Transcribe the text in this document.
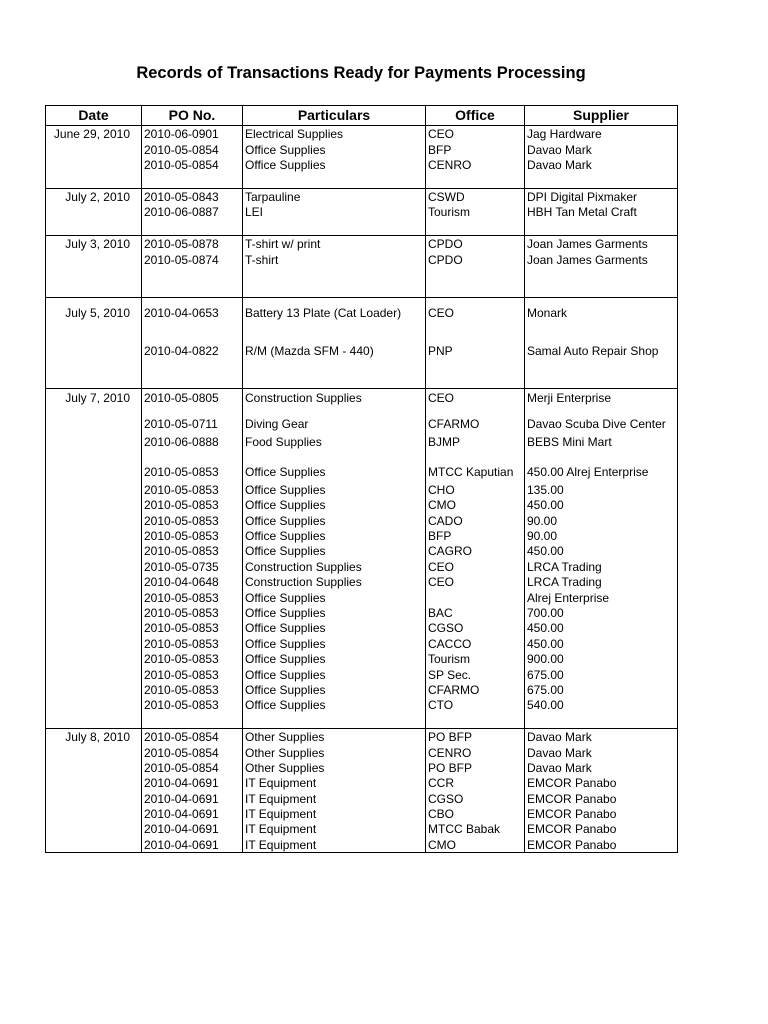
Records of Transactions Ready for Payments Processing
Date	PO No.	Particulars	Office	Supplier
June 29, 2010	2010-06-0901	Electrical Supplies	CEO	Jag Hardware
	2010-05-0854	Office Supplies	BFP	Davao Mark
	2010-05-0854	Office Supplies	CENRO	Davao Mark

July 2, 2010	2010-05-0843	Tarpauline	CSWD	DPI Digital Pixmaker
	2010-06-0887	LEI	Tourism	HBH Tan Metal Craft

July 3, 2010	2010-05-0878	T-shirt w/ print	CPDO	Joan James Garments
	2010-05-0874	T-shirt	CPDO	Joan James Garments

July 5, 2010	2010-04-0653	Battery 13 Plate (Cat Loader)	CEO	Monark

	2010-04-0822	R/M (Mazda SFM - 440)	PNP	Samal Auto Repair Shop

July 7, 2010	2010-05-0805	Construction Supplies	CEO	Merji Enterprise
	2010-05-0711	Diving Gear	CFARMO	Davao Scuba Dive Center
	2010-06-0888	Food Supplies	BJMP	BEBS Mini Mart
	2010-05-0853	Office Supplies	MTCC Kaputian	450.00 Alrej Enterprise
	2010-05-0853	Office Supplies	CHO	135.00
	2010-05-0853	Office Supplies	CMO	450.00
	2010-05-0853	Office Supplies	CADO	90.00
	2010-05-0853	Office Supplies	BFP	90.00
	2010-05-0853	Office Supplies	CAGRO	450.00
	2010-05-0735	Construction Supplies	CEO	LRCA Trading
	2010-04-0648	Construction Supplies	CEO	LRCA Trading
	2010-05-0853	Office Supplies		Alrej Enterprise
	2010-05-0853	Office Supplies	BAC	700.00
	2010-05-0853	Office Supplies	CGSO	450.00
	2010-05-0853	Office Supplies	CACCO	450.00
	2010-05-0853	Office Supplies	Tourism	900.00
	2010-05-0853	Office Supplies	SP Sec.	675.00
	2010-05-0853	Office Supplies	CFARMO	675.00
	2010-05-0853	Office Supplies	CTO	540.00

July 8, 2010	2010-05-0854	Other Supplies	PO BFP	Davao Mark
	2010-05-0854	Other Supplies	CENRO	Davao Mark
	2010-05-0854	Other Supplies	PO BFP	Davao Mark
	2010-04-0691	IT Equipment	CCR	EMCOR Panabo
	2010-04-0691	IT Equipment	CGSO	EMCOR Panabo
	2010-04-0691	IT Equipment	CBO	EMCOR Panabo
	2010-04-0691	IT Equipment	MTCC Babak	EMCOR Panabo
	2010-04-0691	IT Equipment	CMO	EMCOR Panabo
